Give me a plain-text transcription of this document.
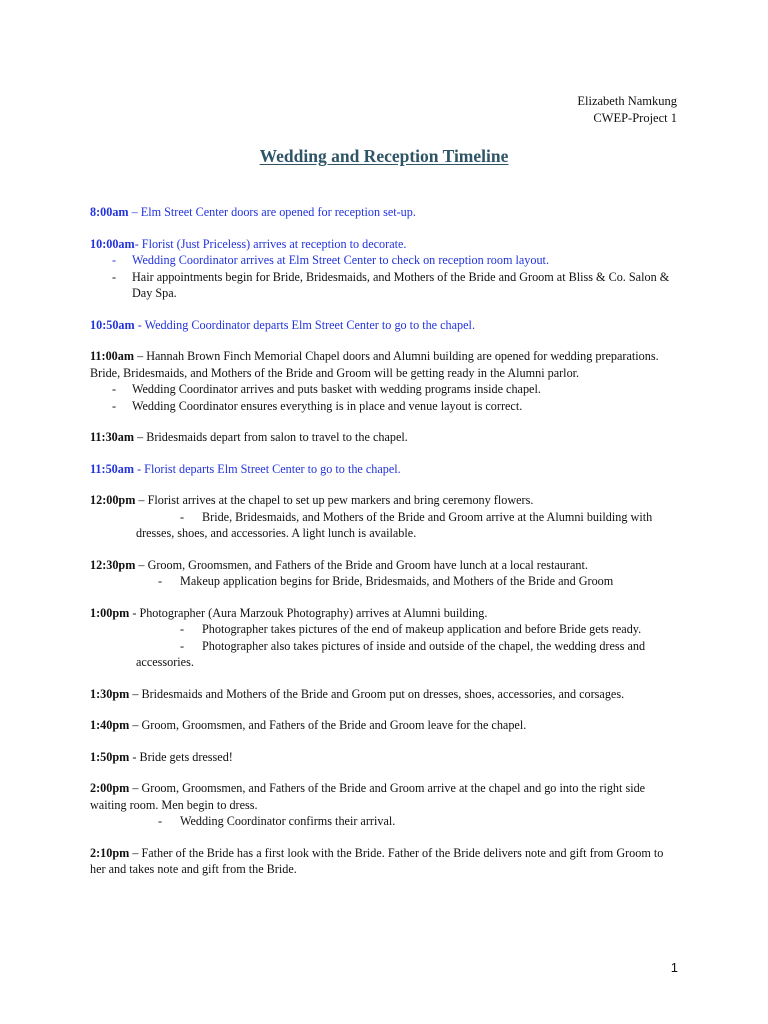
Elizabeth Namkung
CWEP-Project 1
Wedding and Reception Timeline

8:00am – Elm Street Center doors are opened for reception set-up.

10:00am- Florist (Just Priceless) arrives at reception to decorate.
- Wedding Coordinator arrives at Elm Street Center to check on reception room layout.
- Hair appointments begin for Bride, Bridesmaids, and Mothers of the Bride and Groom at Bliss & Co. Salon & Day Spa.

10:50am - Wedding Coordinator departs Elm Street Center to go to the chapel.

11:00am – Hannah Brown Finch Memorial Chapel doors and Alumni building are opened for wedding preparations. Bride, Bridesmaids, and Mothers of the Bride and Groom will be getting ready in the Alumni parlor.
- Wedding Coordinator arrives and puts basket with wedding programs inside chapel.
- Wedding Coordinator ensures everything is in place and venue layout is correct.

11:30am – Bridesmaids depart from salon to travel to the chapel.

11:50am - Florist departs Elm Street Center to go to the chapel.

12:00pm – Florist arrives at the chapel to set up pew markers and bring ceremony flowers.
- Bride, Bridesmaids, and Mothers of the Bride and Groom arrive at the Alumni building with dresses, shoes, and accessories. A light lunch is available.
12:30pm – Groom, Groomsmen, and Fathers of the Bride and Groom have lunch at a local restaurant.
- Makeup application begins for Bride, Bridesmaids, and Mothers of the Bride and Groom
1:00pm - Photographer (Aura Marzouk Photography) arrives at Alumni building.
- Photographer takes pictures of the end of makeup application and before Bride gets ready.
- Photographer also takes pictures of inside and outside of the chapel, the wedding dress and accessories.

1:30pm – Bridesmaids and Mothers of the Bride and Groom put on dresses, shoes, accessories, and corsages.

1:40pm – Groom, Groomsmen, and Fathers of the Bride and Groom leave for the chapel.

1:50pm - Bride gets dressed!

2:00pm – Groom, Groomsmen, and Fathers of the Bride and Groom arrive at the chapel and go into the right side waiting room. Men begin to dress.
- Wedding Coordinator confirms their arrival.

2:10pm – Father of the Bride has a first look with the Bride. Father of the Bride delivers note and gift from Groom to her and takes note and gift from the Bride.

1
